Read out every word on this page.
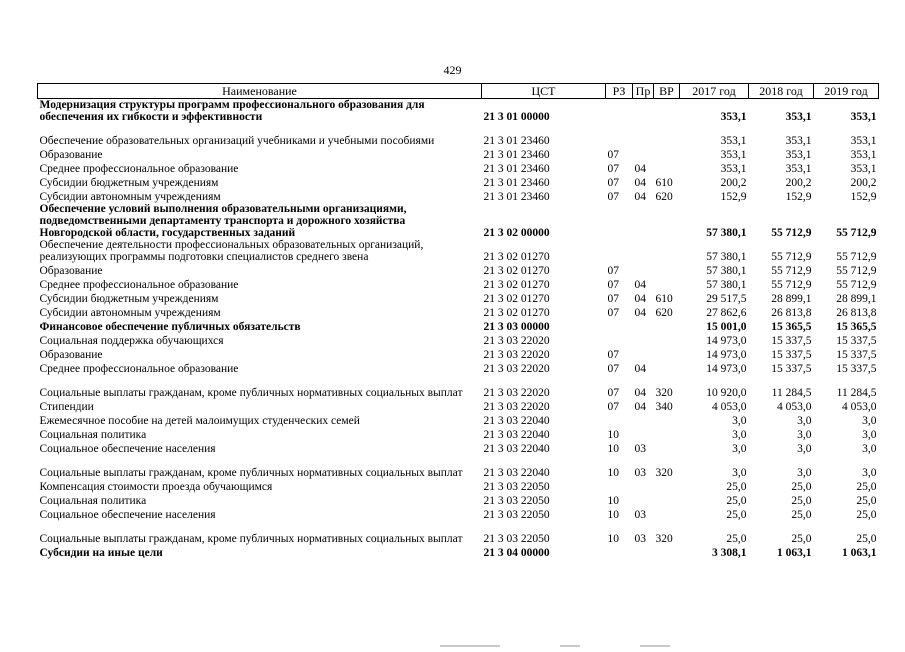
429
Наименование	ЦСТ	РЗ	Пр	ВР	2017 год	2018 год	2019 год
Модернизация структуры программ профессионального образования для обеспечения их гибкости и эффективности	21 3 01 00000				353,1	353,1	353,1
Обеспечение образовательных организаций учебниками и учебными пособиями	21 3 01 23460				353,1	353,1	353,1
Образование	21 3 01 23460	07			353,1	353,1	353,1
Среднее профессиональное образование	21 3 01 23460	07	04		353,1	353,1	353,1
Субсидии бюджетным учреждениям	21 3 01 23460	07	04	610	200,2	200,2	200,2
Субсидии автономным учреждениям	21 3 01 23460	07	04	620	152,9	152,9	152,9
Обеспечение условий выполнения образовательными организациями, подведомственными департаменту транспорта и дорожного хозяйства Новгородской области, государственных заданий	21 3 02 00000				57 380,1	55 712,9	55 712,9
Обеспечение деятельности профессиональных образовательных организаций, реализующих программы подготовки специалистов среднего звена	21 3 02 01270				57 380,1	55 712,9	55 712,9
Образование	21 3 02 01270	07			57 380,1	55 712,9	55 712,9
Среднее профессиональное образование	21 3 02 01270	07	04		57 380,1	55 712,9	55 712,9
Субсидии бюджетным учреждениям	21 3 02 01270	07	04	610	29 517,5	28 899,1	28 899,1
Субсидии автономным учреждениям	21 3 02 01270	07	04	620	27 862,6	26 813,8	26 813,8
Финансовое обеспечение публичных обязательств	21 3 03 00000				15 001,0	15 365,5	15 365,5
Социальная поддержка обучающихся	21 3 03 22020				14 973,0	15 337,5	15 337,5
Образование	21 3 03 22020	07			14 973,0	15 337,5	15 337,5
Среднее профессиональное образование	21 3 03 22020	07	04		14 973,0	15 337,5	15 337,5
Социальные выплаты гражданам, кроме публичных нормативных социальных выплат	21 3 03 22020	07	04	320	10 920,0	11 284,5	11 284,5
Стипендии	21 3 03 22020	07	04	340	4 053,0	4 053,0	4 053,0
Ежемесячное пособие на детей малоимущих студенческих семей	21 3 03 22040				3,0	3,0	3,0
Социальная политика	21 3 03 22040	10			3,0	3,0	3,0
Социальное обеспечение населения	21 3 03 22040	10	03		3,0	3,0	3,0
Социальные выплаты гражданам, кроме публичных нормативных социальных выплат	21 3 03 22040	10	03	320	3,0	3,0	3,0
Компенсация стоимости проезда обучающимся	21 3 03 22050				25,0	25,0	25,0
Социальная политика	21 3 03 22050	10			25,0	25,0	25,0
Социальное обеспечение населения	21 3 03 22050	10	03		25,0	25,0	25,0
Социальные выплаты гражданам, кроме публичных нормативных социальных выплат	21 3 03 22050	10	03	320	25,0	25,0	25,0
Субсидии на иные цели	21 3 04 00000				3 308,1	1 063,1	1 063,1
